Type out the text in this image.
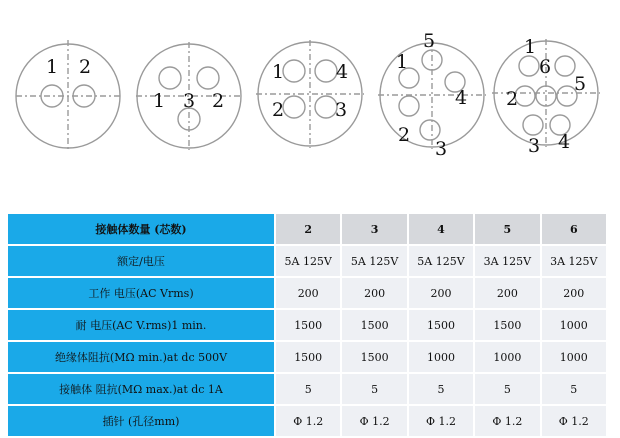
1 2
1 3 2
1	4
2	3
5
1
4
2
3
1
6
5
2
3 4
接触体数量 (芯数)	2	3	4	5	6
额定/电压	5A 125V	5A 125V	5A 125V	3A 125V	3A 125V
工作 电压(AC Vrms)	200	200	200	200	200
耐 电压(AC V.rms)1 min.	1500	1500	1500	1500	1000
绝缘体阻抗(MΩ min.)at dc 500V	1500	1500	1000	1000	1000
接触体 阻抗(MΩ max.)at dc 1A	5	5	5	5	5
插针 (孔径mm)	Φ 1.2	Φ 1.2	Φ 1.2	Φ 1.2	Φ 1.2
